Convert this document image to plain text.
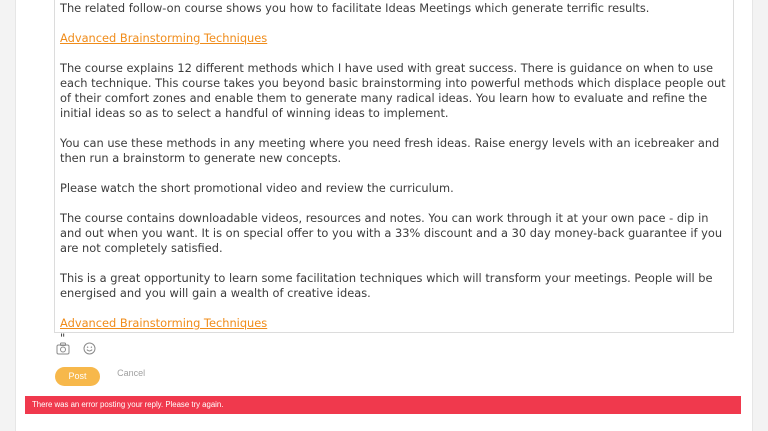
The related follow-on course shows you how to facilitate Ideas Meetings which generate terrific results.

Advanced Brainstorming Techniques

The course explains 12 different methods which I have used with great success. There is guidance on when to use each technique. This course takes you beyond basic brainstorming into powerful methods which displace people out of their comfort zones and enable them to generate many radical ideas. You learn how to evaluate and refine the initial ideas so as to select a handful of winning ideas to implement.

You can use these methods in any meeting where you need fresh ideas. Raise energy levels with an icebreaker and then run a brainstorm to generate new concepts.

Please watch the short promotional video and review the curriculum.

The course contains downloadable videos, resources and notes. You can work through it at your own pace - dip in and out when you want. It is on special offer to you with a 33% discount and a 30 day money-back guarantee if you are not completely satisfied.

This is a great opportunity to learn some facilitation techniques which will transform your meetings. People will be energised and you will gain a wealth of creative ideas.

Advanced Brainstorming Techniques

"

Post	Cancel
There was an error posting your reply. Please try again.
